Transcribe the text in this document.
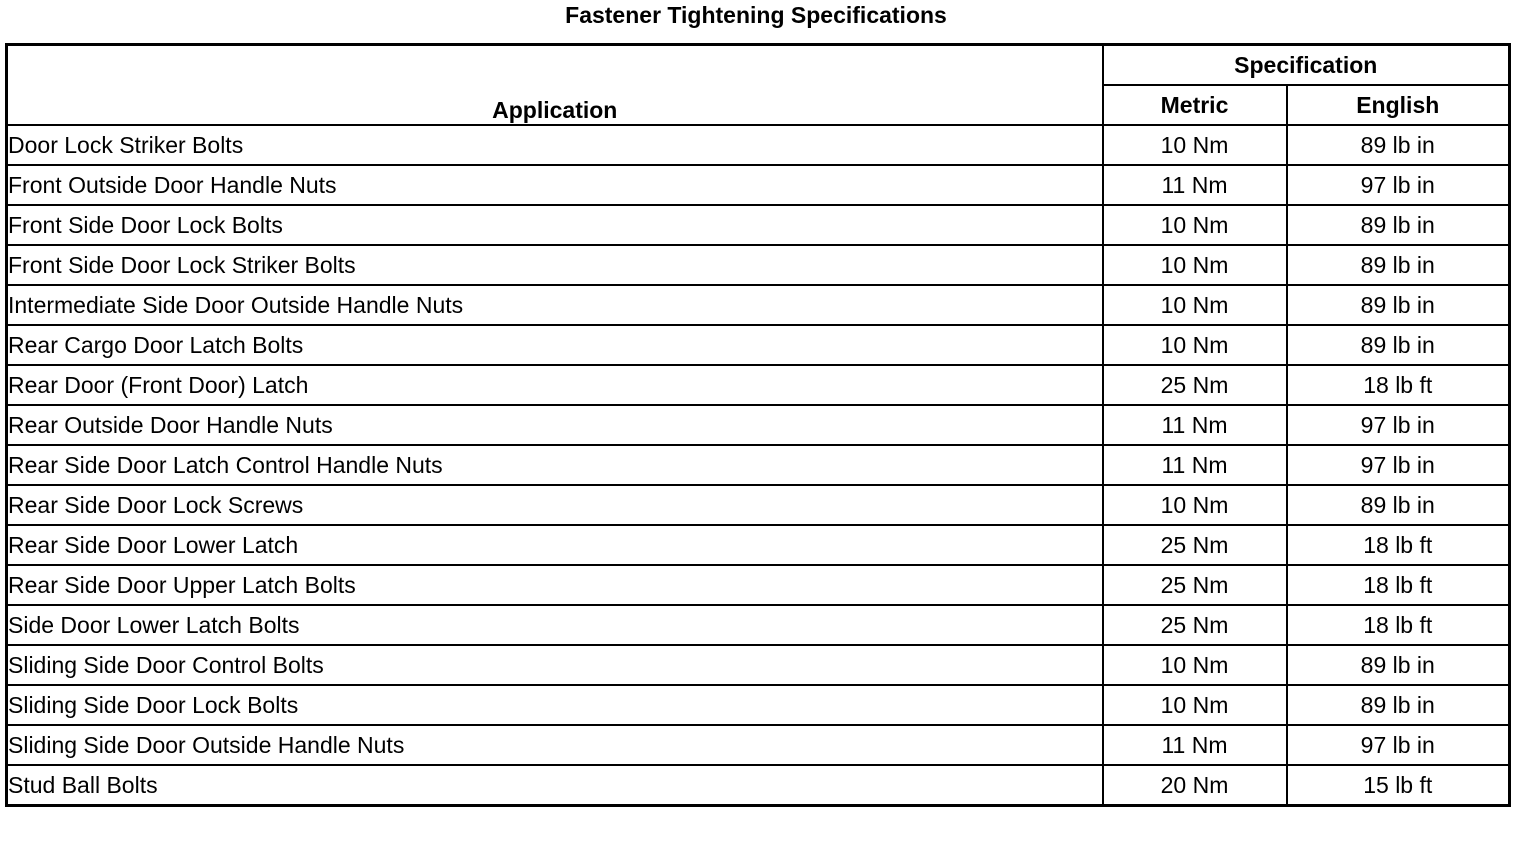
Fastener Tightening Specifications
Application	Specification	
	Metric	English
Door Lock Striker Bolts	10 Nm	89 lb in
Front Outside Door Handle Nuts	11 Nm	97 lb in
Front Side Door Lock Bolts	10 Nm	89 lb in
Front Side Door Lock Striker Bolts	10 Nm	89 lb in
Intermediate Side Door Outside Handle Nuts	10 Nm	89 lb in
Rear Cargo Door Latch Bolts	10 Nm	89 lb in
Rear Door (Front Door) Latch	25 Nm	18 lb ft
Rear Outside Door Handle Nuts	11 Nm	97 lb in
Rear Side Door Latch Control Handle Nuts	11 Nm	97 lb in
Rear Side Door Lock Screws	10 Nm	89 lb in
Rear Side Door Lower Latch	25 Nm	18 lb ft
Rear Side Door Upper Latch Bolts	25 Nm	18 lb ft
Side Door Lower Latch Bolts	25 Nm	18 lb ft
Sliding Side Door Control Bolts	10 Nm	89 lb in
Sliding Side Door Lock Bolts	10 Nm	89 lb in
Sliding Side Door Outside Handle Nuts	11 Nm	97 lb in
Stud Ball Bolts	20 Nm	15 lb ft
